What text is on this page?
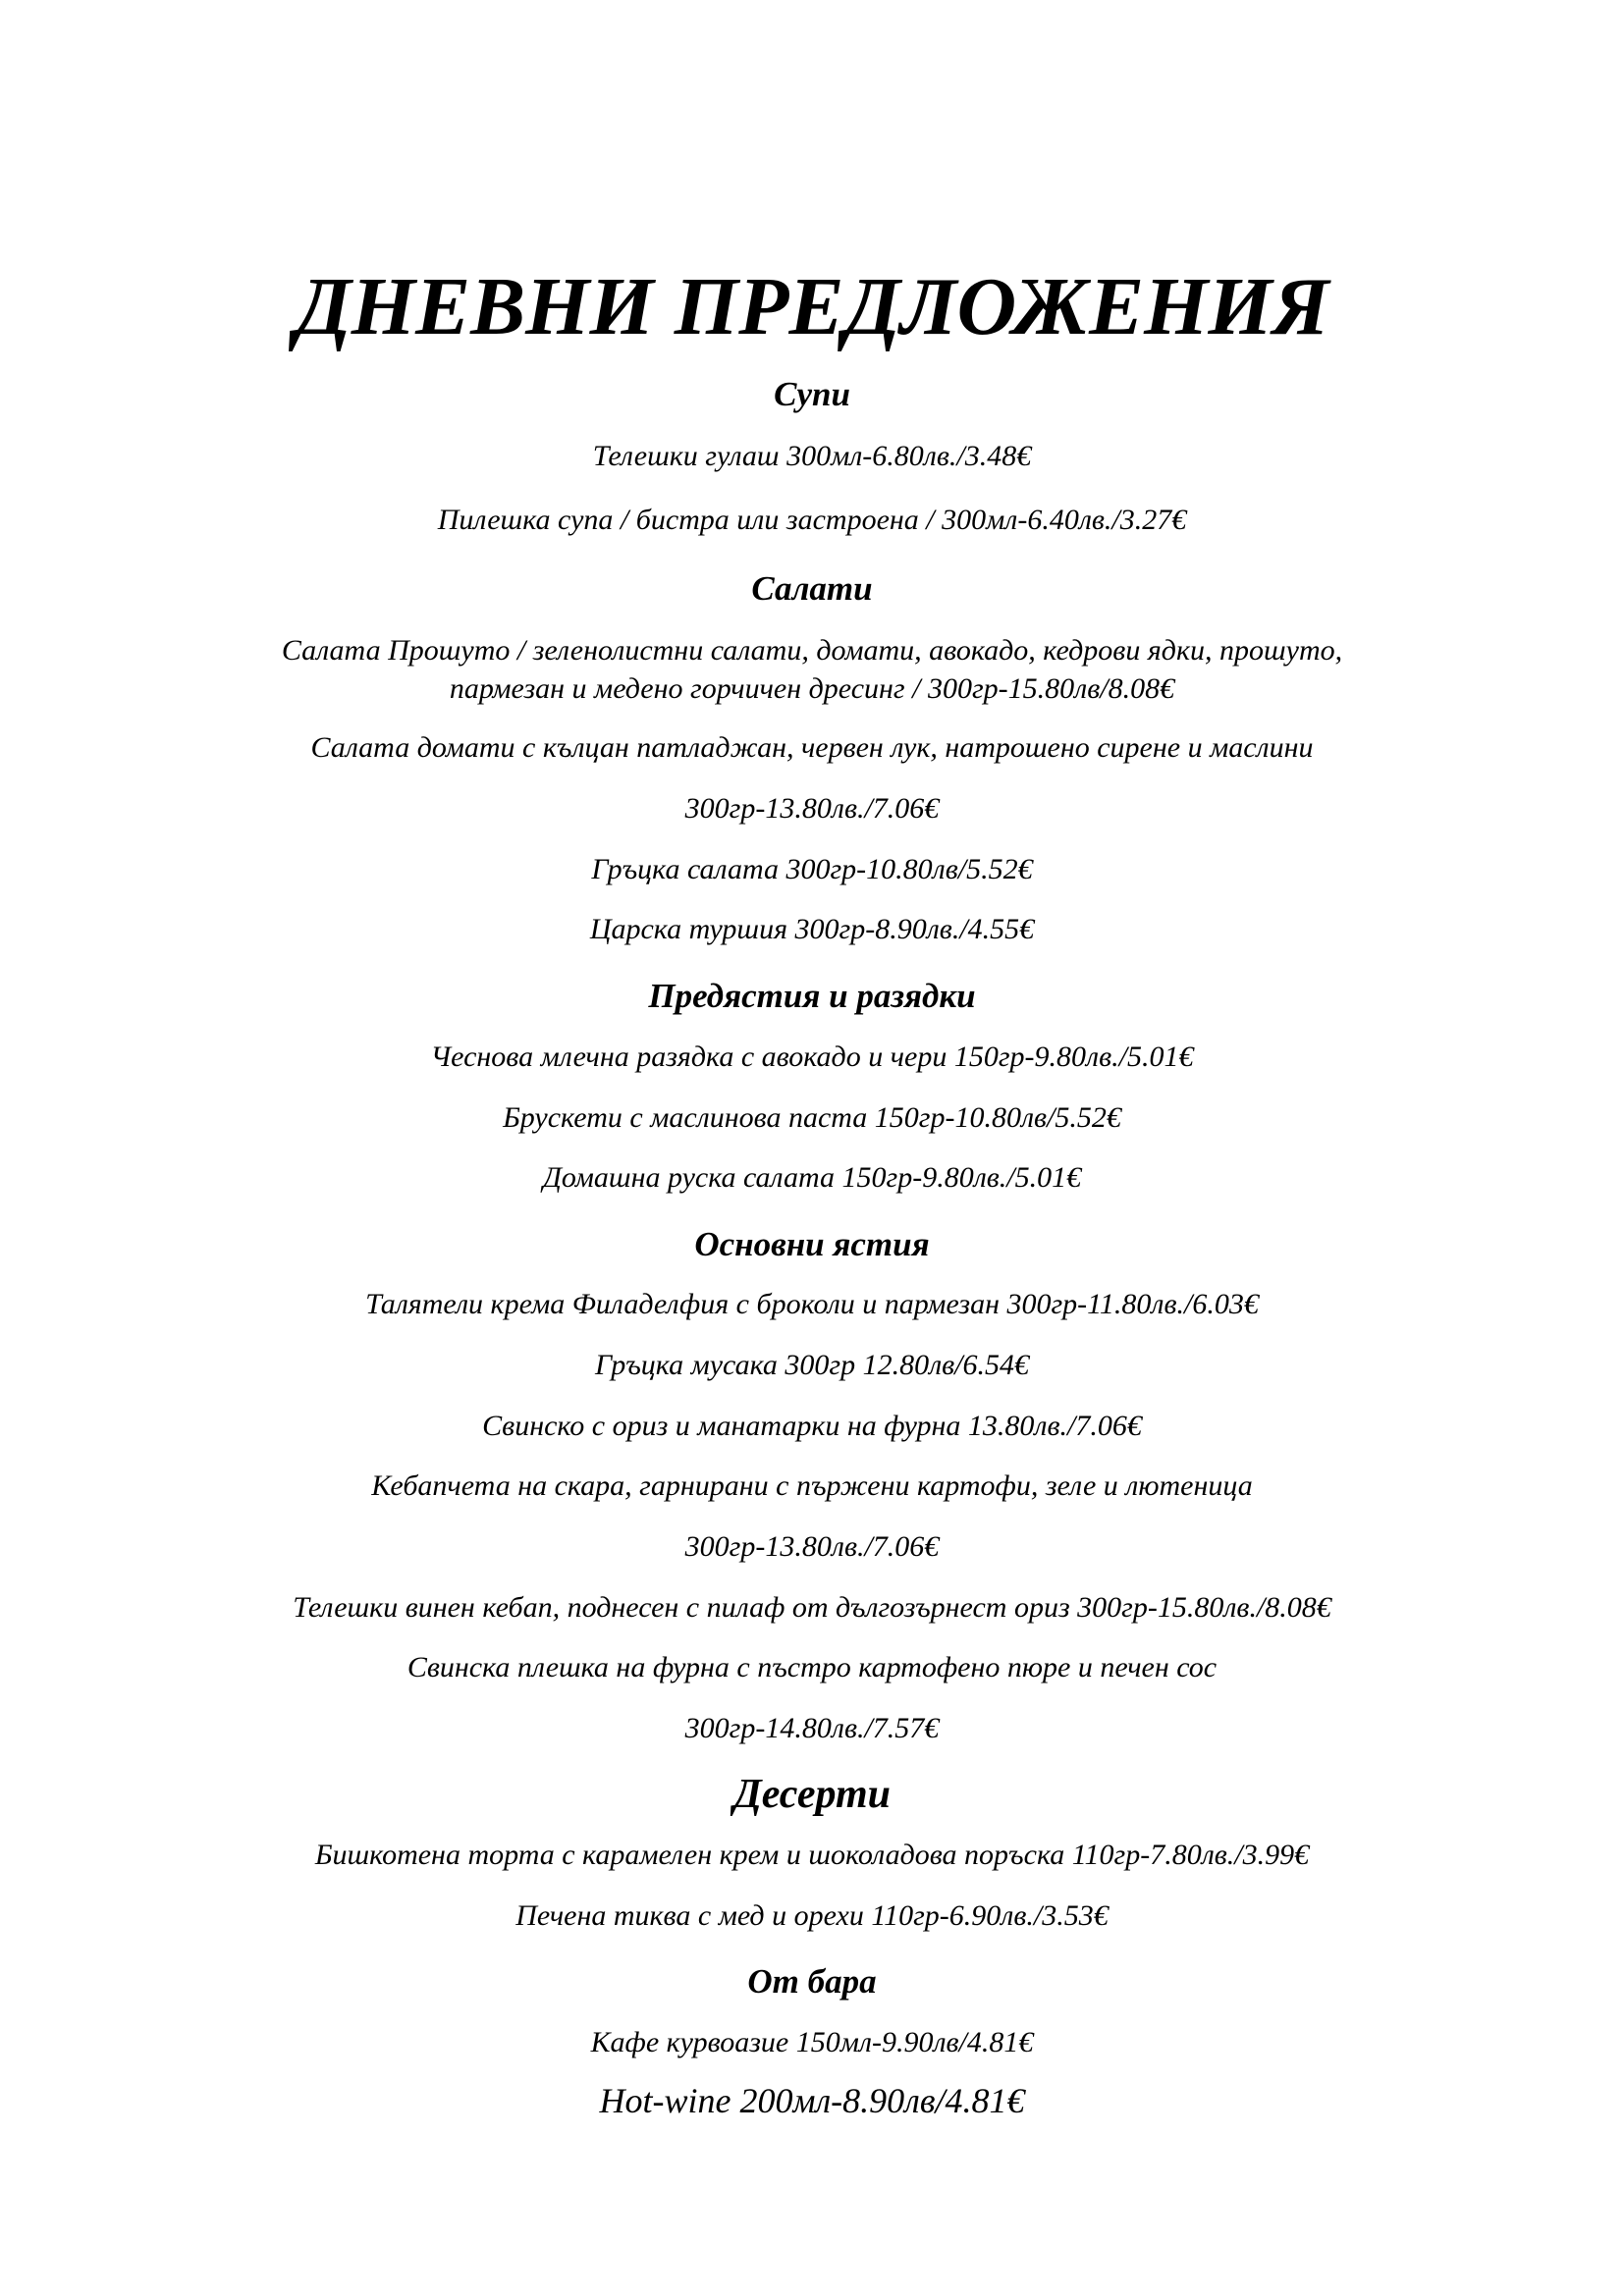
ДНЕВНИ ПРЕДЛОЖЕНИЯ
Супи

Телешки гулаш 300мл-6.80лв./3.48€

Пилешка супа / бистра или застроена / 300мл-6.40лв./3.27€

Салати

Салата Прошуто / зеленолистни салати, домати, авокадо, кедрови ядки, прошуто,

пармезан и медено горчичен дресинг / 300гр-15.80лв/8.08€

Салата домати с кълцан патладжан, червен лук, натрошено сирене и маслини

300гр-13.80лв./7.06€

Гръцка салата 300гр-10.80лв/5.52€

Царска туршия 300гр-8.90лв./4.55€

Предястия и разядки

Чеснова млечна разядка с авокадо и чери 150гр-9.80лв./5.01€

Брускети с маслинова паста 150гр-10.80лв/5.52€

Домашна руска салата 150гр-9.80лв./5.01€

Основни ястия

Талятели крема Филаделфия с броколи и пармезан 300гр-11.80лв./6.03€

Гръцка мусака 300гр 12.80лв/6.54€

Свинско с ориз и манатарки на фурна 13.80лв./7.06€

Кебапчета на скара, гарнирани с пържени картофи, зеле и лютеница

300гр-13.80лв./7.06€

Телешки винен кебап, поднесен с пилаф от дългозърнест ориз 300гр-15.80лв./8.08€

Свинска плешка на фурна с пъстро картофено пюре и печен сос

300гр-14.80лв./7.57€

Десерти

Бишкотена торта с карамелен крем и шоколадова поръска 110гр-7.80лв./3.99€

Печена тиква с мед и орехи 110гр-6.90лв./3.53€

От бара

Кафе курвоазие 150мл-9.90лв/4.81€

Hot-wine 200мл-8.90лв/4.81€
